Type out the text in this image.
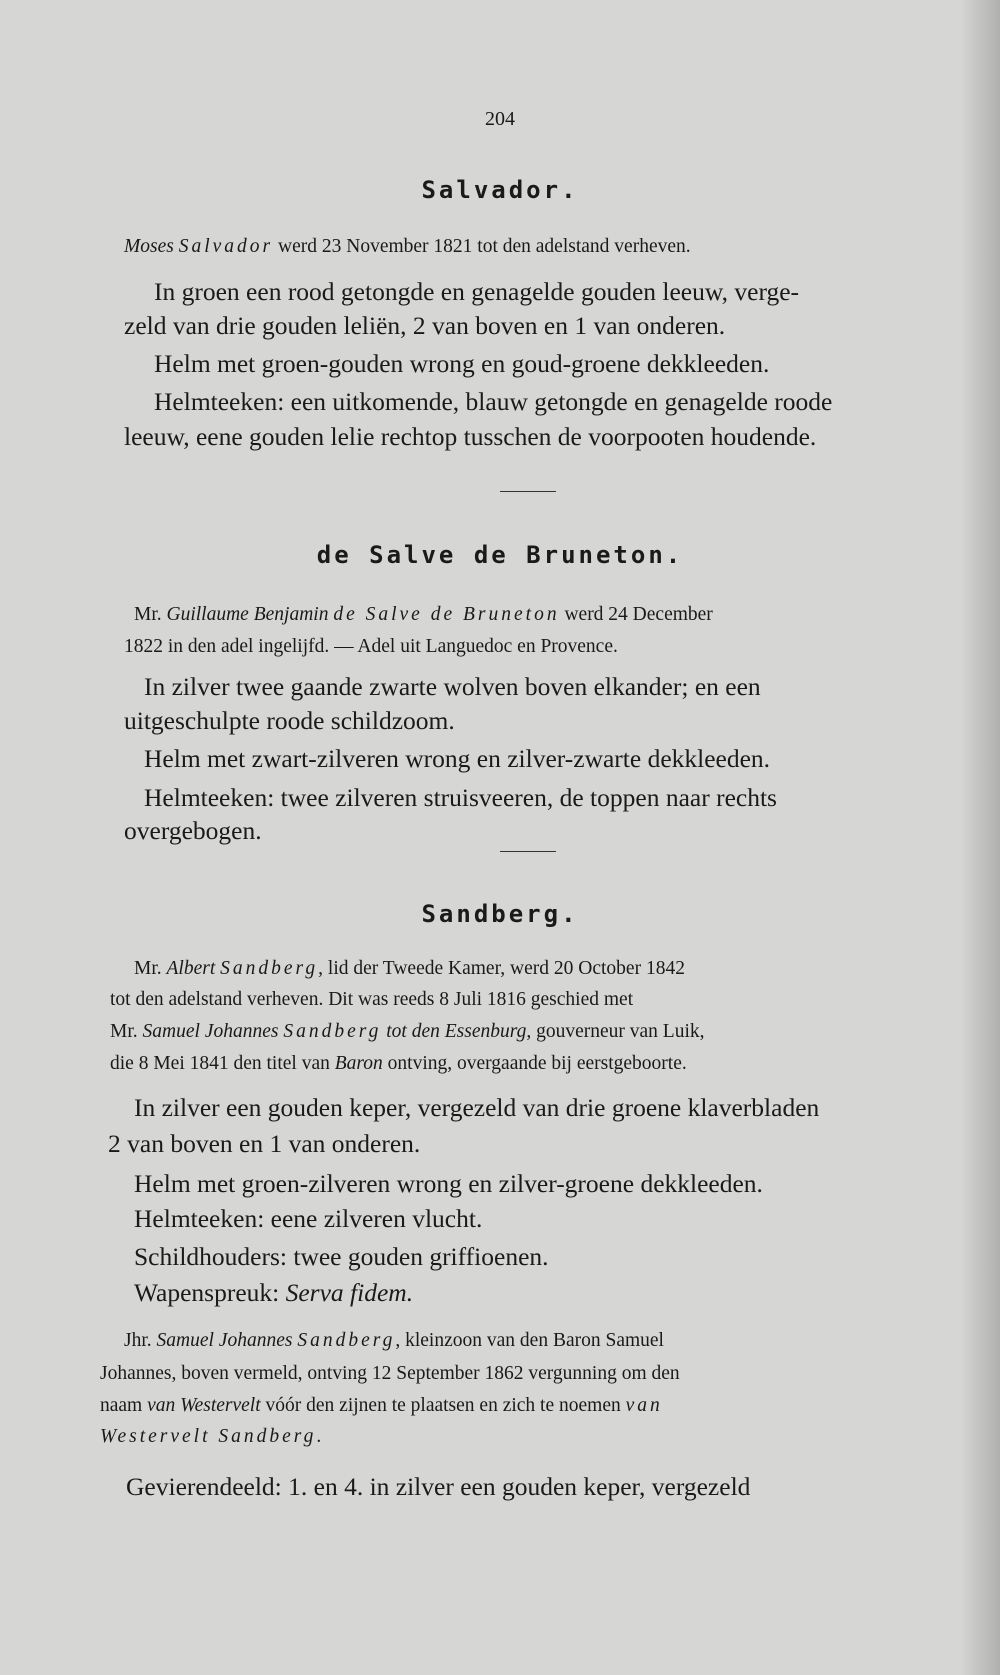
204
Salvador.
Moses Salvador werd 23 November 1821 tot den adelstand verheven.
In groen een rood getongde en genagelde gouden leeuw, verge-
zeld van drie gouden leliën, 2 van boven en 1 van onderen.
Helm met groen-gouden wrong en goud-groene dekkleeden.
Helmteeken: een uitkomende, blauw getongde en genagelde roode
leeuw, eene gouden lelie rechtop tusschen de voorpooten houdende.
de Salve de Bruneton.
Mr. Guillaume Benjamin de Salve de Bruneton werd 24 December
1822 in den adel ingelijfd. — Adel uit Languedoc en Provence.
In zilver twee gaande zwarte wolven boven elkander; en een
uitgeschulpte roode schildzoom.
Helm met zwart-zilveren wrong en zilver-zwarte dekkleeden.
Helmteeken: twee zilveren struisveeren, de toppen naar rechts
overgebogen.
Sandberg.
Mr. Albert Sandberg, lid der Tweede Kamer, werd 20 October 1842
tot den adelstand verheven. Dit was reeds 8 Juli 1816 geschied met
Mr. Samuel Johannes Sandberg tot den Essenburg, gouverneur van Luik,
die 8 Mei 1841 den titel van Baron ontving, overgaande bij eerstgeboorte.
In zilver een gouden keper, vergezeld van drie groene klaverbladen
2 van boven en 1 van onderen.
Helm met groen-zilveren wrong en zilver-groene dekkleeden.
Helmteeken: eene zilveren vlucht.
Schildhouders: twee gouden griffioenen.
Wapenspreuk: Serva fidem.
Jhr. Samuel Johannes Sandberg, kleinzoon van den Baron Samuel
Johannes, boven vermeld, ontving 12 September 1862 vergunning om den
naam van Westervelt vóór den zijnen te plaatsen en zich te noemen van
Westervelt Sandberg.
Gevierendeeld: 1. en 4. in zilver een gouden keper, vergezeld
